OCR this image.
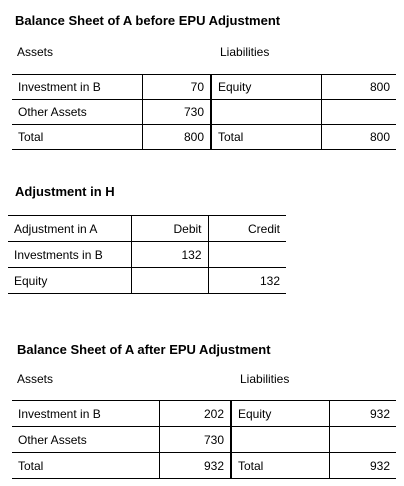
Balance Sheet of A before EPU Adjustment
Assets	Liabilities
Investment in B	70	Equity	800
Other Assets	730		
Total	800	Total	800
Adjustment in H
Adjustment in A	Debit	Credit
Investments in B	132	
Equity		132
Balance Sheet of A after EPU Adjustment
Assets	Liabilities
Investment in B	202	Equity	932
Other Assets	730		
Total	932	Total	932
